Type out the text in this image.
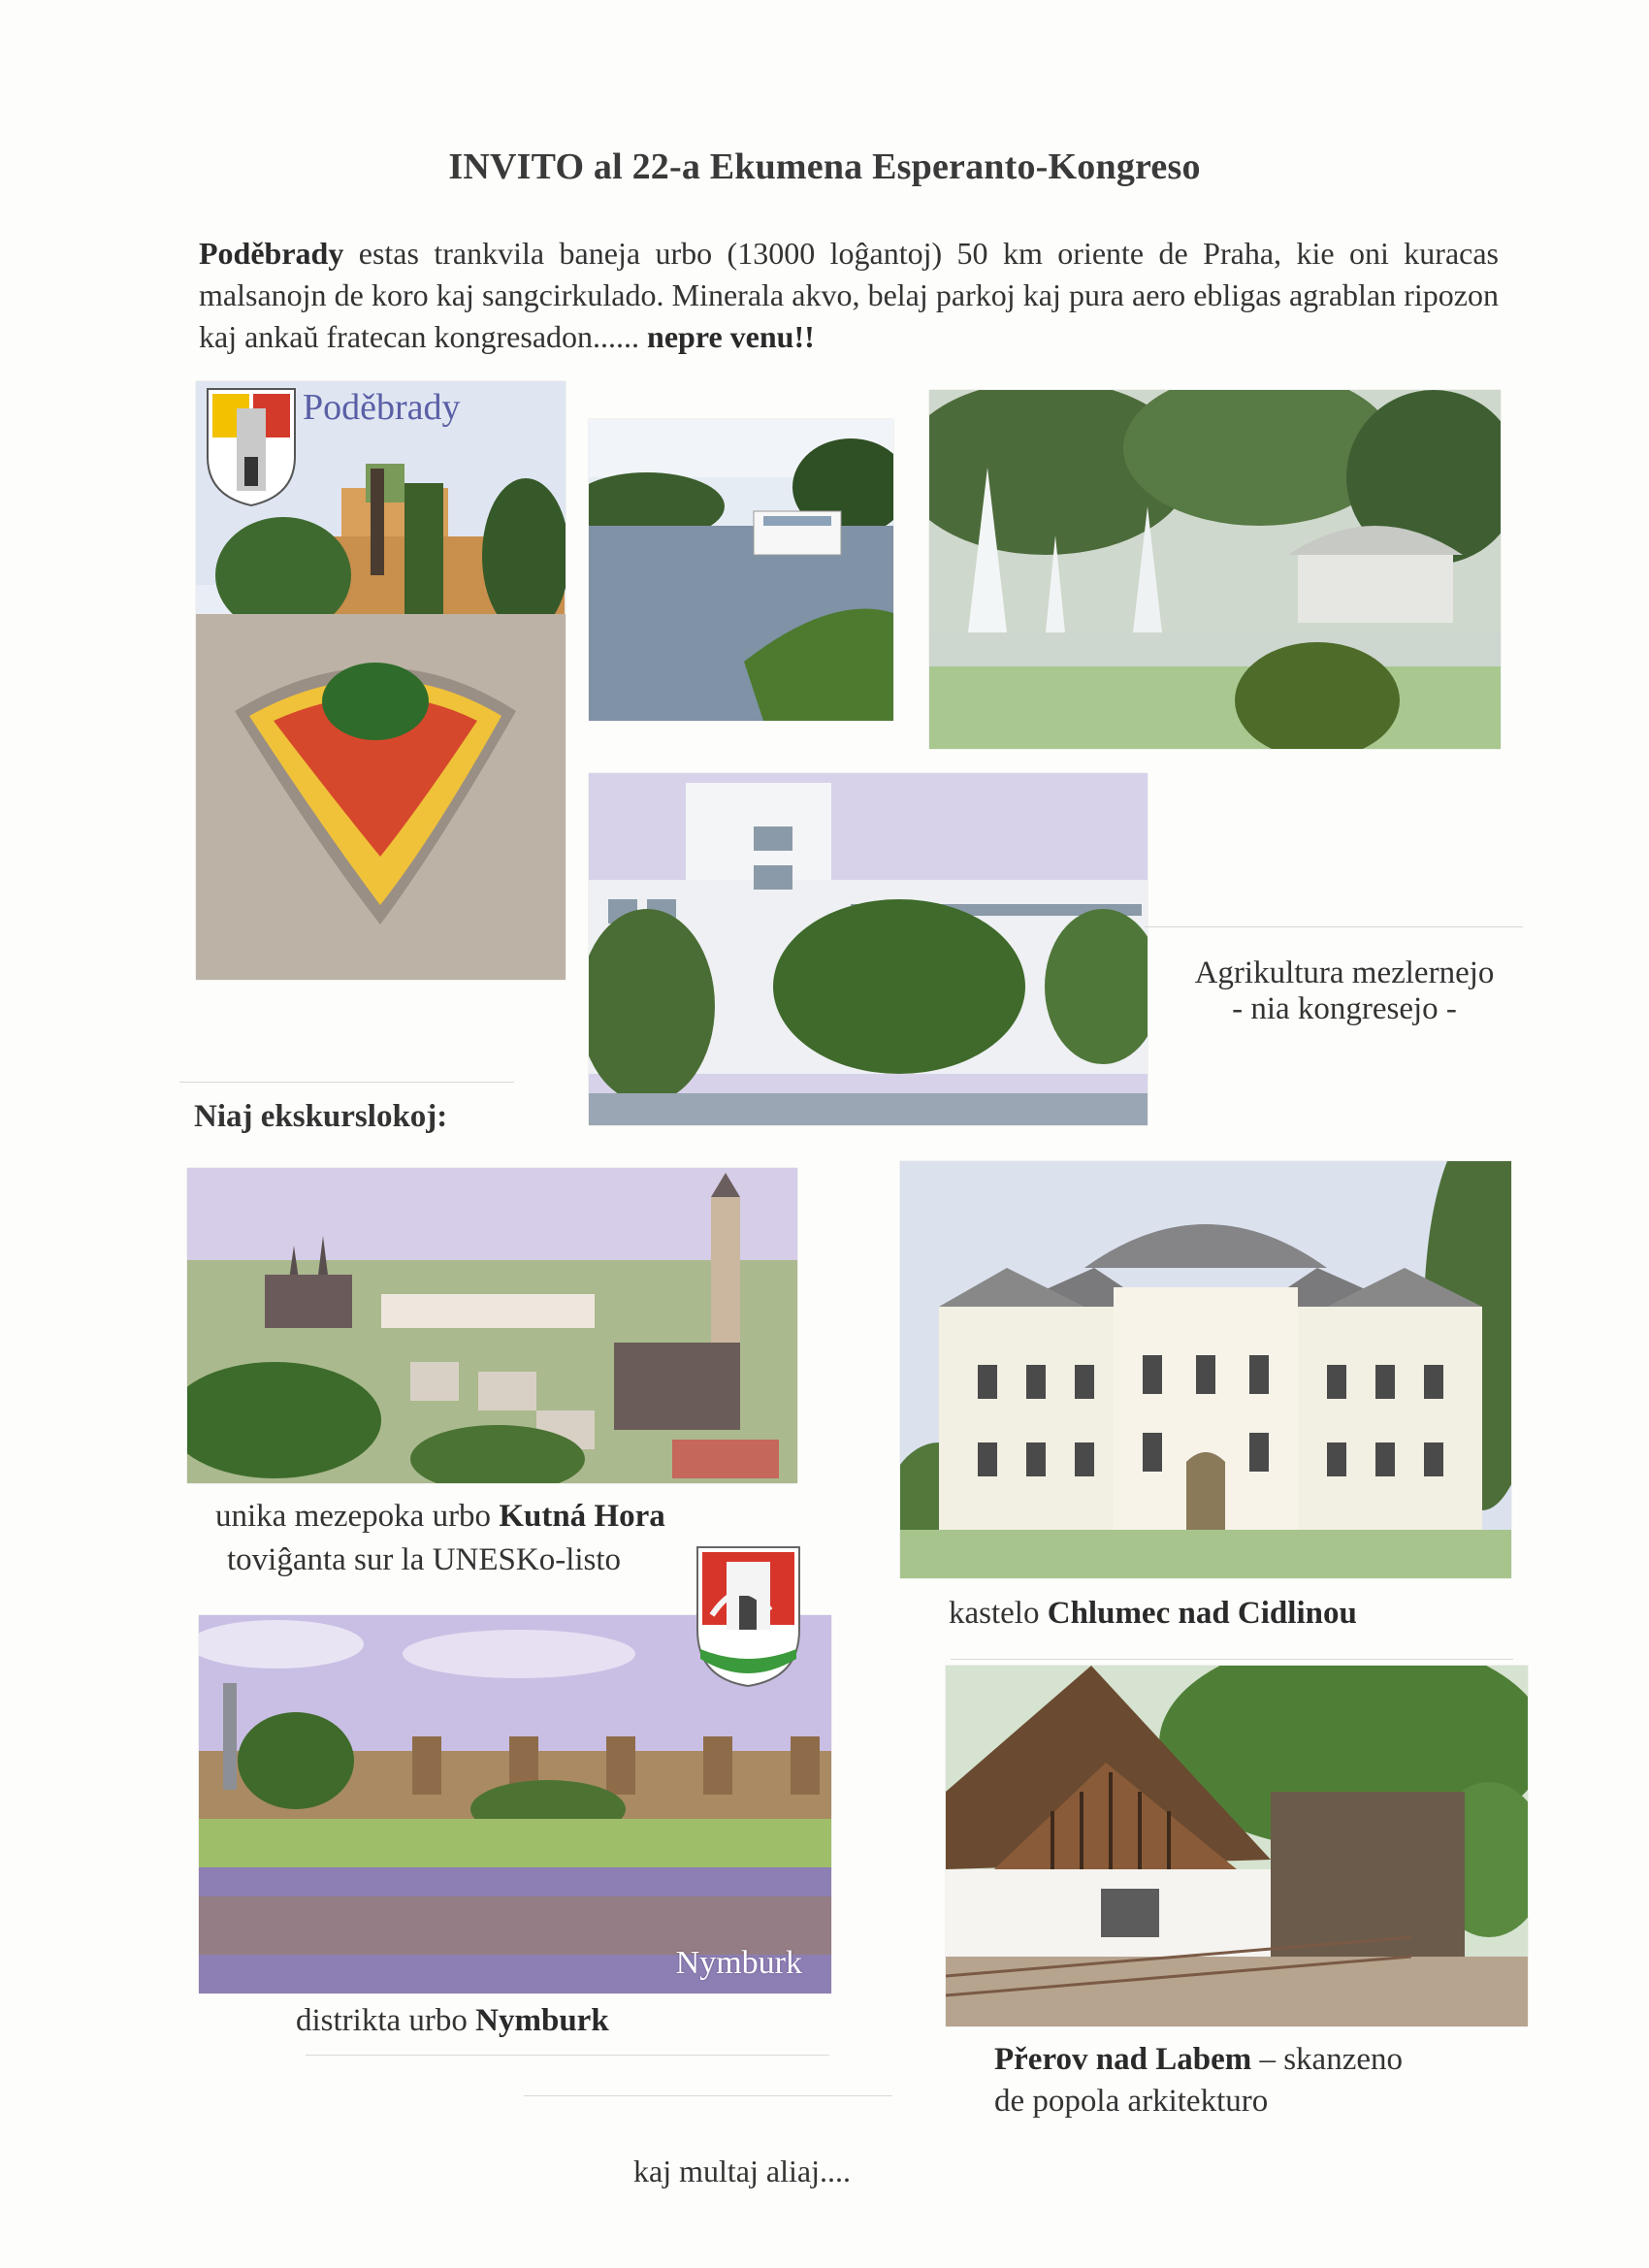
INVITO al 22-a Ekumena Esperanto-Kongreso
Poděbrady estas trankvila baneja urbo (13000 loĝantoj) 50 km oriente de Praha, kie oni kuracas malsanojn de koro kaj sangcirkulado. Minerala akvo, belaj parkoj kaj pura aero ebligas agrablan ripozon kaj ankaŭ fratecan kongresadon...... nepre venu!!
Poděbrady
Agrikultura mezlernejo
- nia kongresejo -
Niaj ekskurslokoj:
unika mezepoka urbo Kutná Hora
toviĝanta sur la UNESKo-listo
kastelo Chlumec nad Cidlinou
Nymburk
distrikta urbo Nymburk
Přerov nad Labem – skanzeno
de popola arkitekturo
kaj multaj aliaj....
